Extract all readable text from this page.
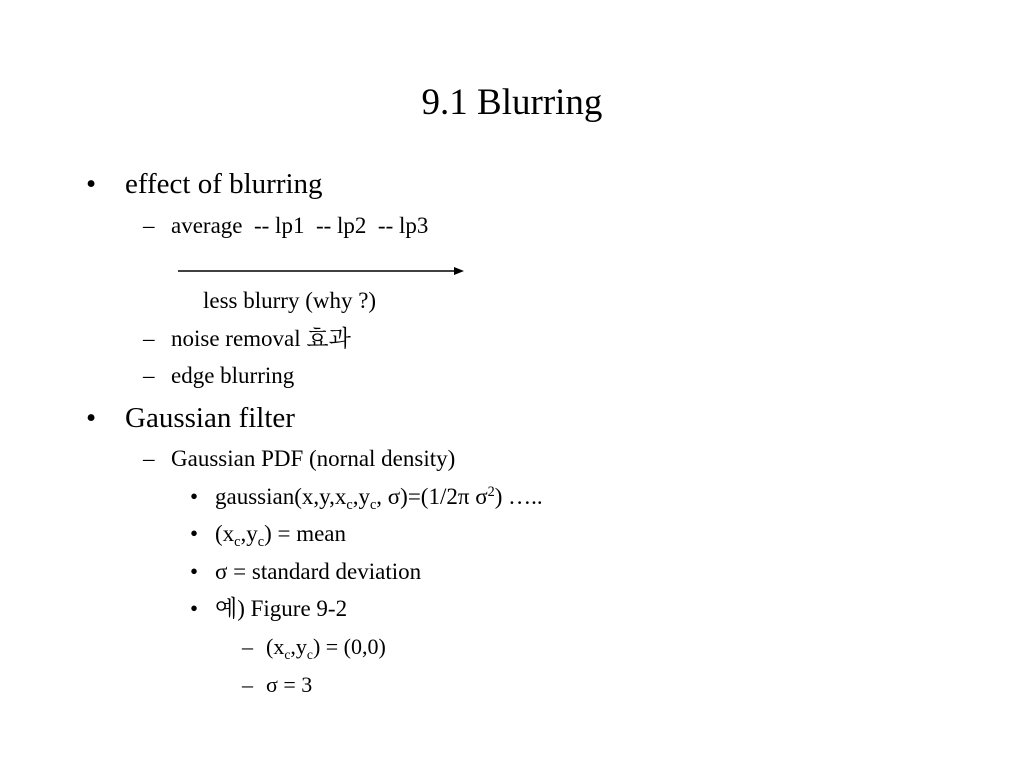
9.1 Blurring
• effect of blurring
– average  -- lp1  -- lp2  -- lp3
less blurry (why ?)
– noise removal 효과
– edge blurring
• Gaussian filter
– Gaussian PDF (nornal density)
• $gaussian(x,y,x_c,y_c$, σ)=(1/2π $\sigma^2$) …..
• $(x_c,y_c)$ = mean
• σ = standard deviation
• 예) Figure 9-2
– $(x_c,y_c) = (0,0)$
– σ = 3
